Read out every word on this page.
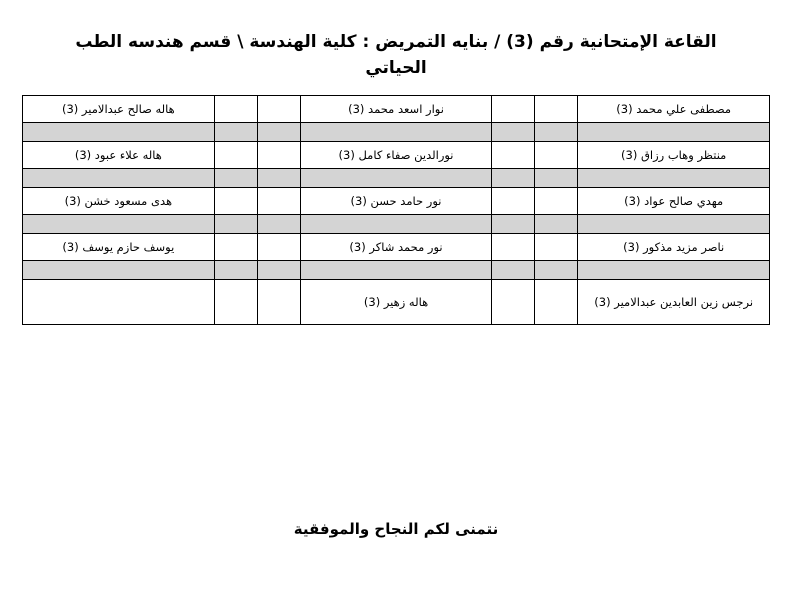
القاعة الإمتحانية رقم (3) / بنايه التمريض : كلية الهندسة \ قسم هندسه الطب الحياتي
مصطفى علي محمد (3)			نوار اسعد محمد (3)			هاله صالح عبدالامير (3)

منتظر وهاب رزاق (3)			نورالدين صفاء كامل (3)			هاله علاء عبود (3)

مهدي صالح عواد (3)			نور حامد حسن (3)			هدى مسعود خشن (3)

ناصر مزيد مذكور (3)			نور محمد شاكر (3)			يوسف حازم يوسف (3)

نرجس زين العابدين عبدالامير (3)			هاله زهير (3)			
نتمنى لكم النجاح والموفقية
